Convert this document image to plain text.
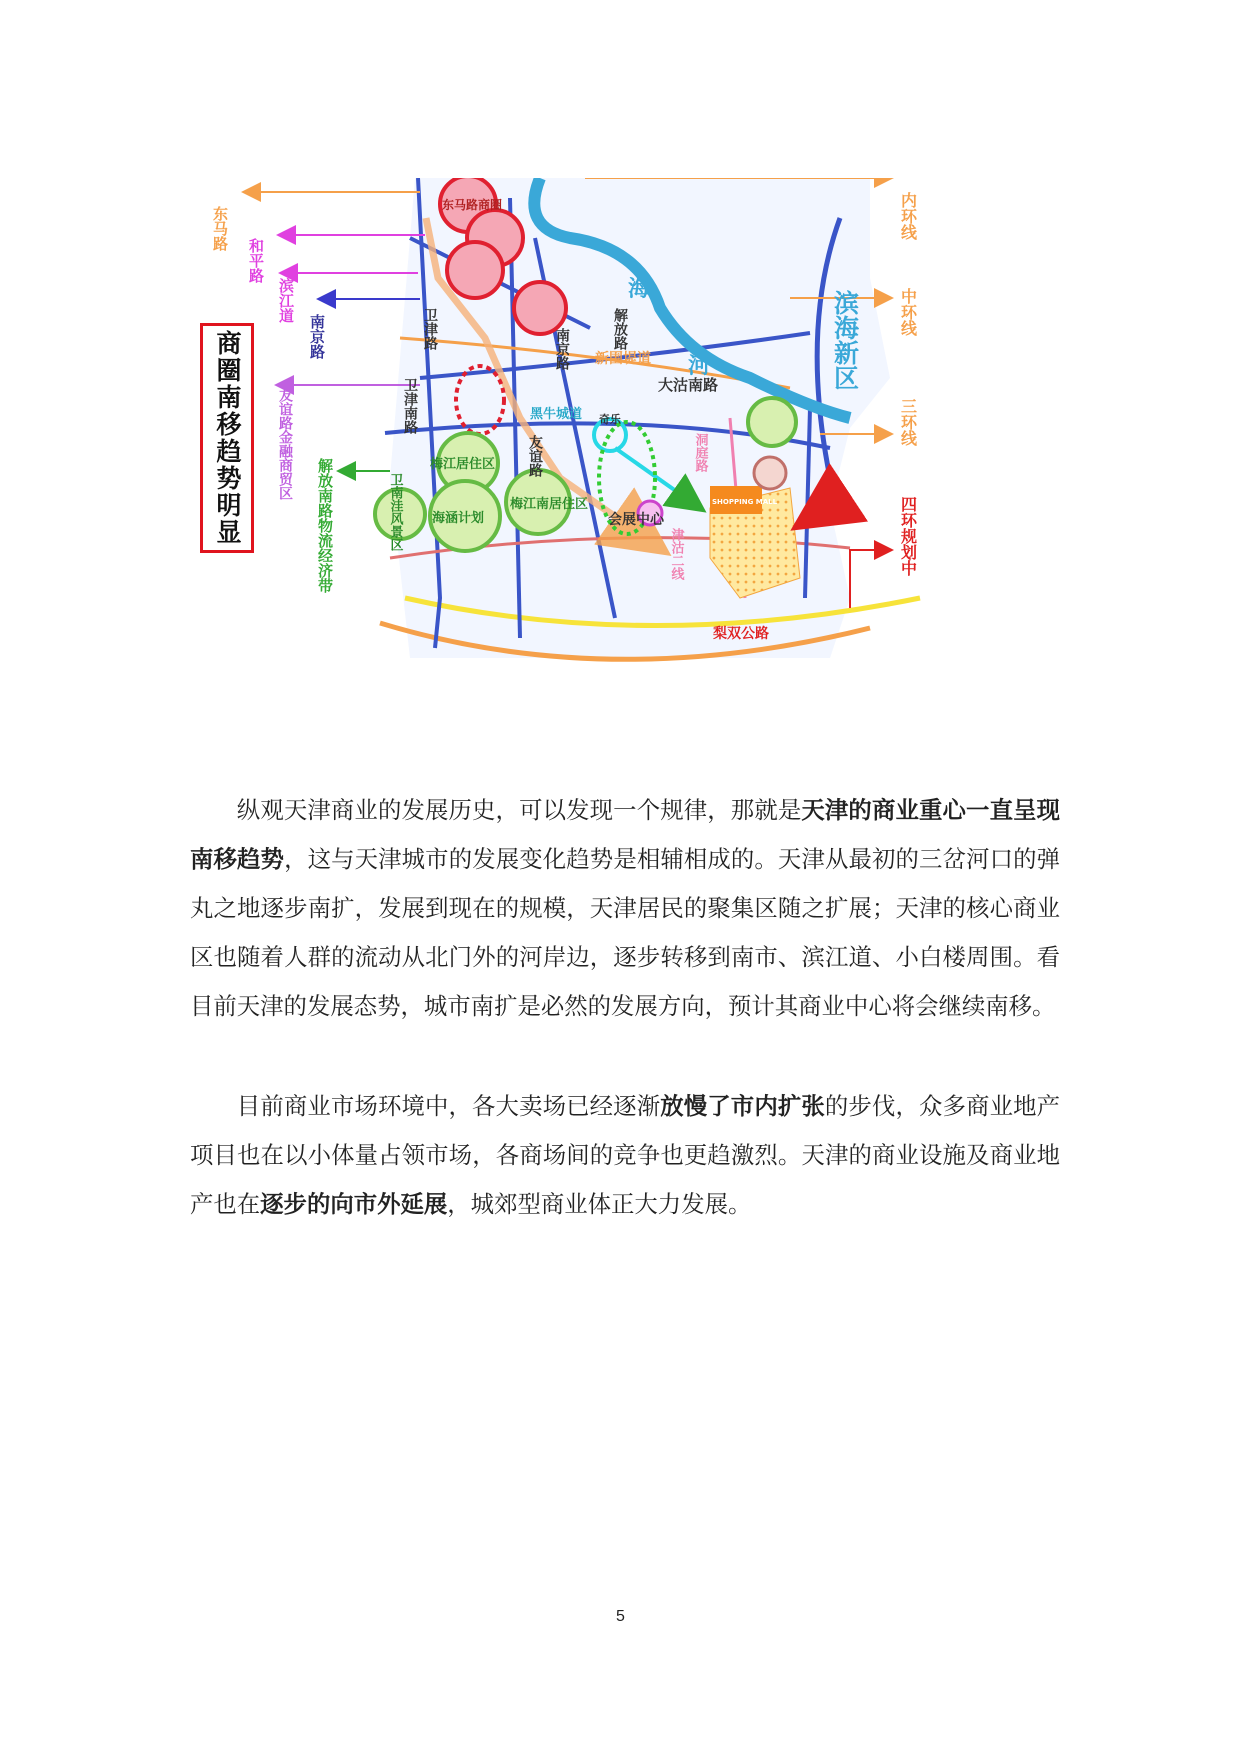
东马路
和平路
滨江道
南京路
友谊路金融商贸区
解放南路物流经济带
内环线
中环线
三环线
四环规划中
滨海新区
海
河
奇乐
梨双公路
SHOPPING MALL
会展中心
大沽南路
新围堤道
解放路
南京路
卫津路
卫津南路
津沽二线
洞庭路
梅江居住区
梅江南居住区
海涵计划
卫南洼风景区
黑牛城道
友谊路
东马路商圈
商圈南移趋势明显

纵观天津商业的发展历史，可以发现一个规律，那就是天津的商业重心一直呈现南移趋势，这与天津城市的发展变化趋势是相辅相成的。天津从最初的三岔河口的弹丸之地逐步南扩，发展到现在的规模，天津居民的聚集区随之扩展；天津的核心商业区也随着人群的流动从北门外的河岸边，逐步转移到南市、滨江道、小白楼周围。看目前天津的发展态势，城市南扩是必然的发展方向，预计其商业中心将会继续南移。

目前商业市场环境中，各大卖场已经逐渐放慢了市内扩张的步伐，众多商业地产项目也在以小体量占领市场，各商场间的竞争也更趋激烈。天津的商业设施及商业地产也在逐步的向市外延展，城郊型商业体正大力发展。

5
